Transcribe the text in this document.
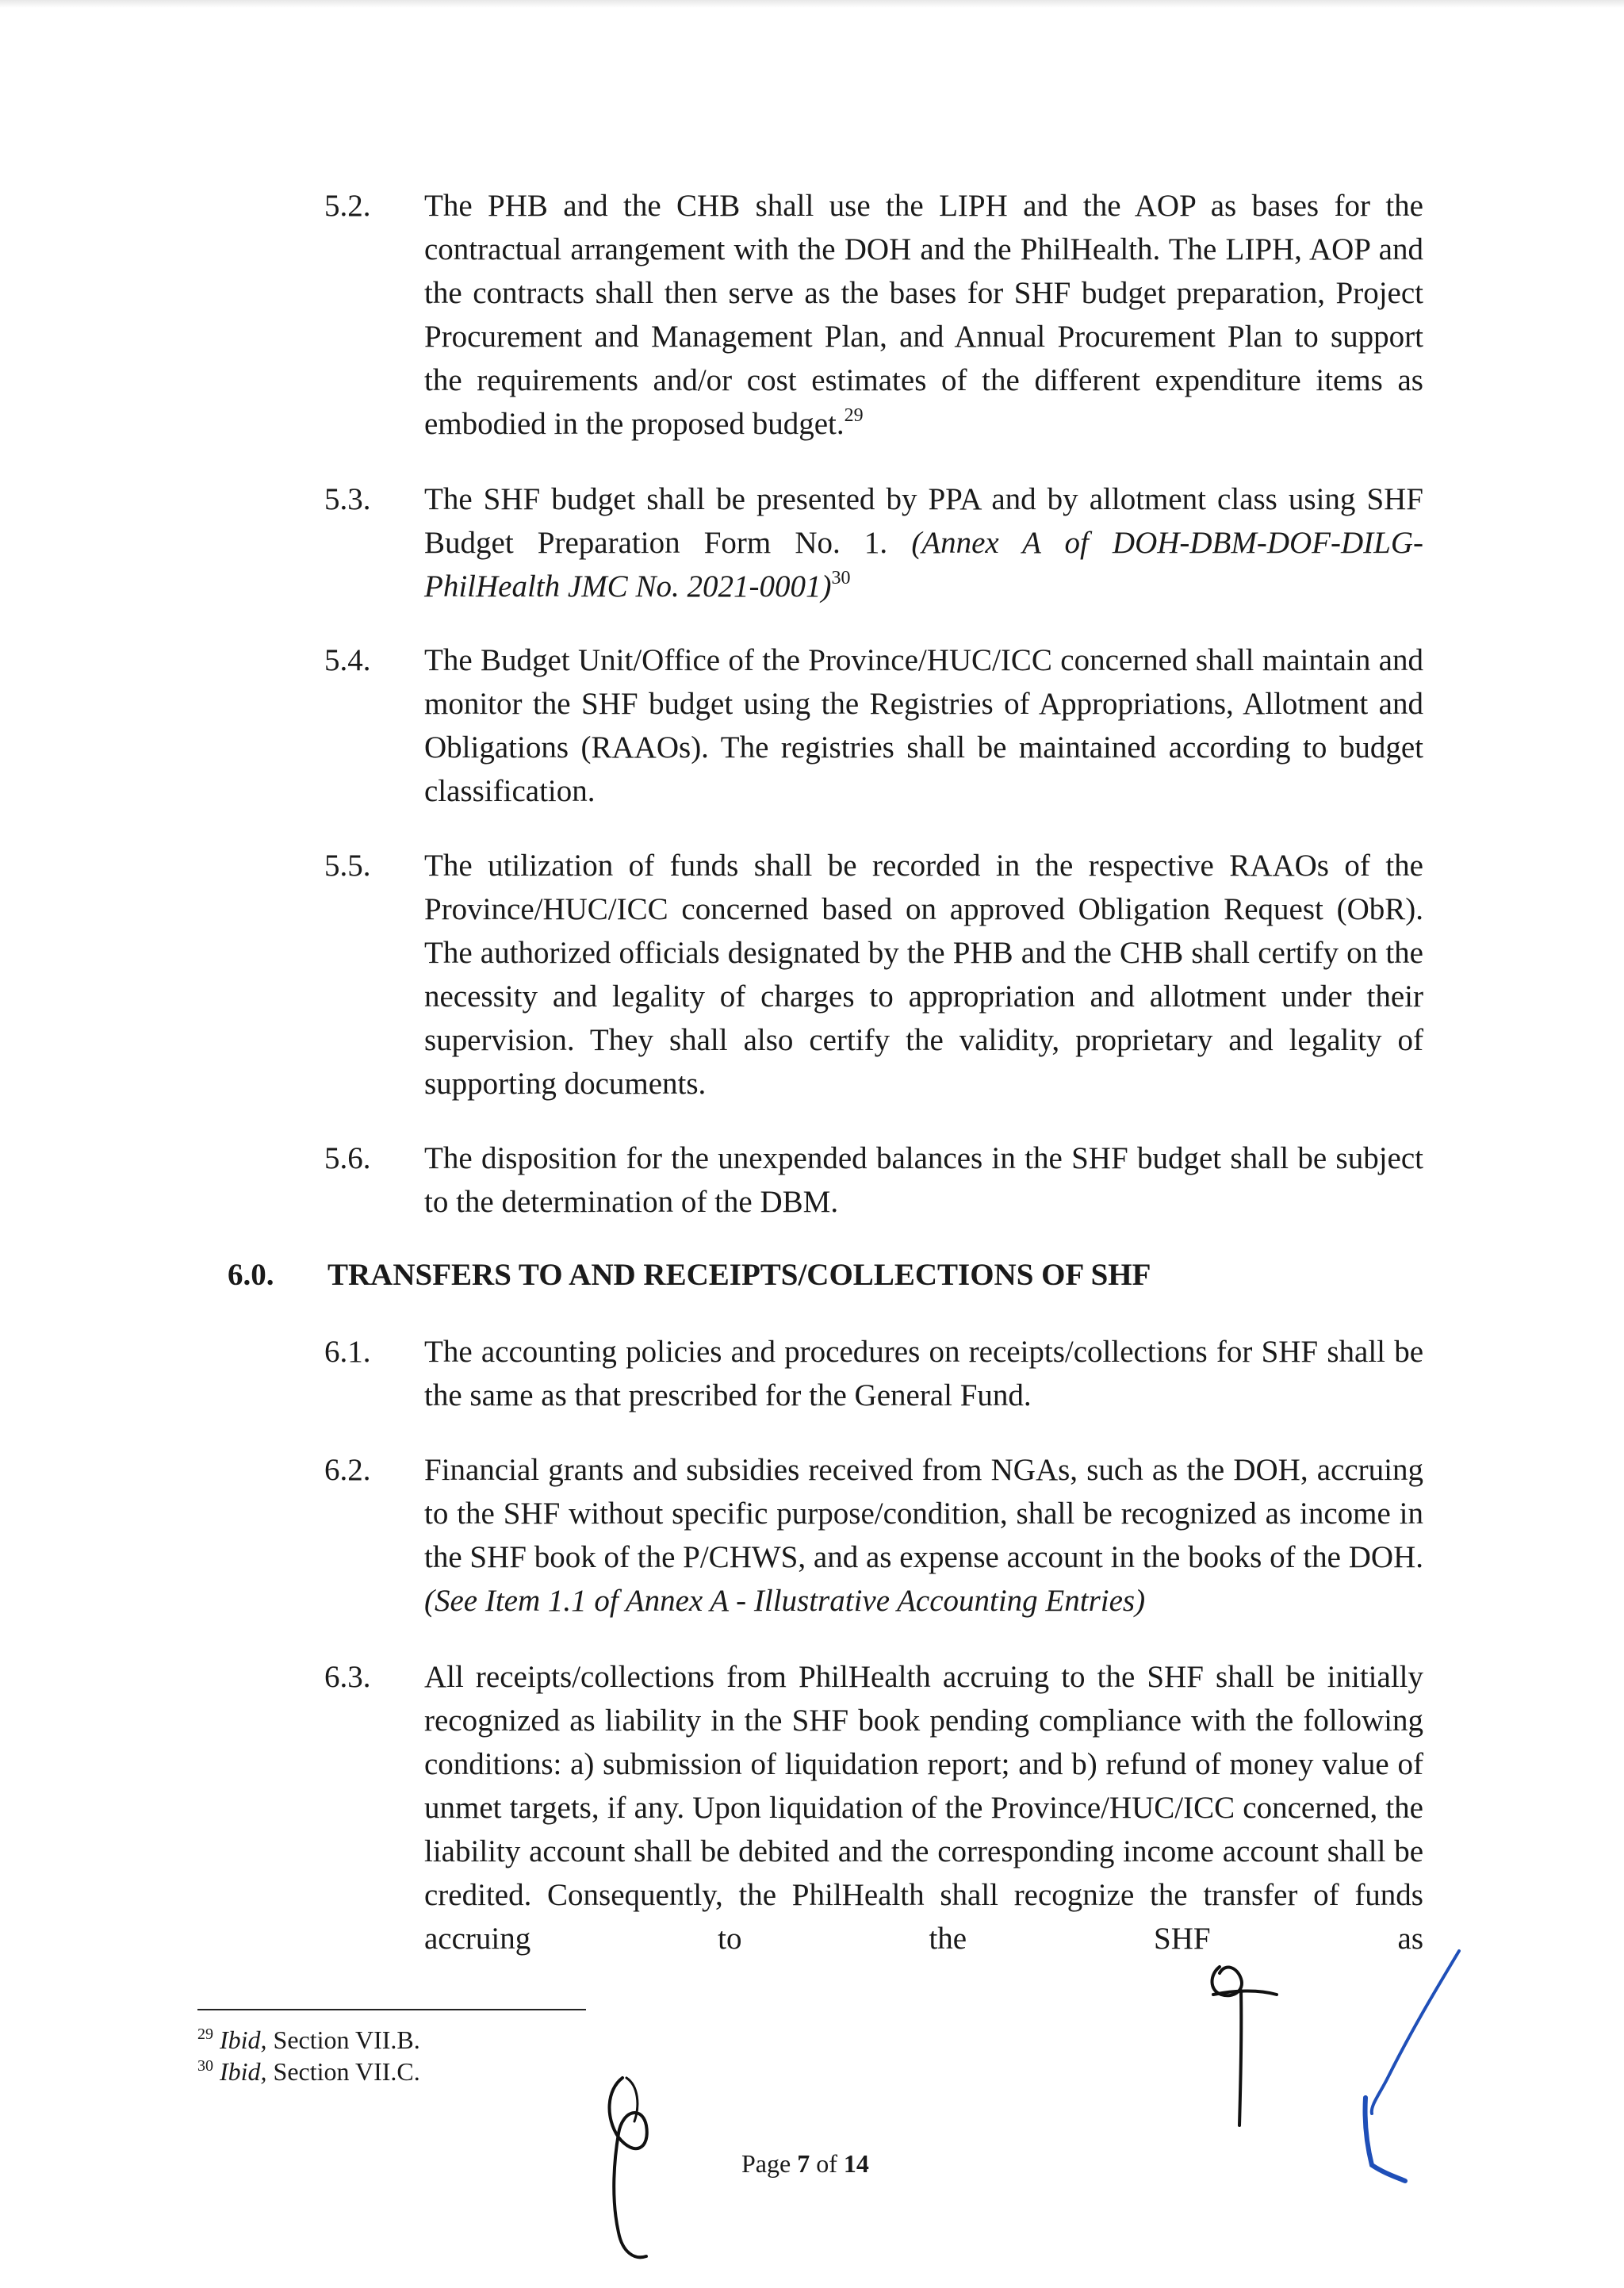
5.2. The PHB and the CHB shall use the LIPH and the AOP as bases for the contractual arrangement with the DOH and the PhilHealth. The LIPH, AOP and the contracts shall then serve as the bases for SHF budget preparation, Project Procurement and Management Plan, and Annual Procurement Plan to support the requirements and/or cost estimates of the different expenditure items as embodied in the proposed budget.$^{29}$
5.3. The SHF budget shall be presented by PPA and by allotment class using SHF Budget Preparation Form No. 1. (Annex A of DOH-DBM-DOF-DILG-PhilHealth JMC No. 2021-0001)$^{30}$
5.4. The Budget Unit/Office of the Province/HUC/ICC concerned shall maintain and monitor the SHF budget using the Registries of Appropriations, Allotment and Obligations (RAAOs). The registries shall be maintained according to budget classification.
5.5. The utilization of funds shall be recorded in the respective RAAOs of the Province/HUC/ICC concerned based on approved Obligation Request (ObR). The authorized officials designated by the PHB and the CHB shall certify on the necessity and legality of charges to appropriation and allotment under their supervision. They shall also certify the validity, proprietary and legality of supporting documents.
5.6. The disposition for the unexpended balances in the SHF budget shall be subject to the determination of the DBM.
6.0. TRANSFERS TO AND RECEIPTS/COLLECTIONS OF SHF
6.1. The accounting policies and procedures on receipts/collections for SHF shall be the same as that prescribed for the General Fund.
6.2. Financial grants and subsidies received from NGAs, such as the DOH, accruing to the SHF without specific purpose/condition, shall be recognized as income in the SHF book of the P/CHWS, and as expense account in the books of the DOH. (See Item 1.1 of Annex A - Illustrative Accounting Entries)
6.3. All receipts/collections from PhilHealth accruing to the SHF shall be initially recognized as liability in the SHF book pending compliance with the following conditions: a) submission of liquidation report; and b) refund of money value of unmet targets, if any. Upon liquidation of the Province/HUC/ICC concerned, the liability account shall be debited and the corresponding income account shall be credited. Consequently, the PhilHealth shall recognize the transfer of funds accruing to the SHF as
$^{29}$ Ibid, Section VII.B.
$^{30}$ Ibid, Section VII.C.
Page 7 of 14
